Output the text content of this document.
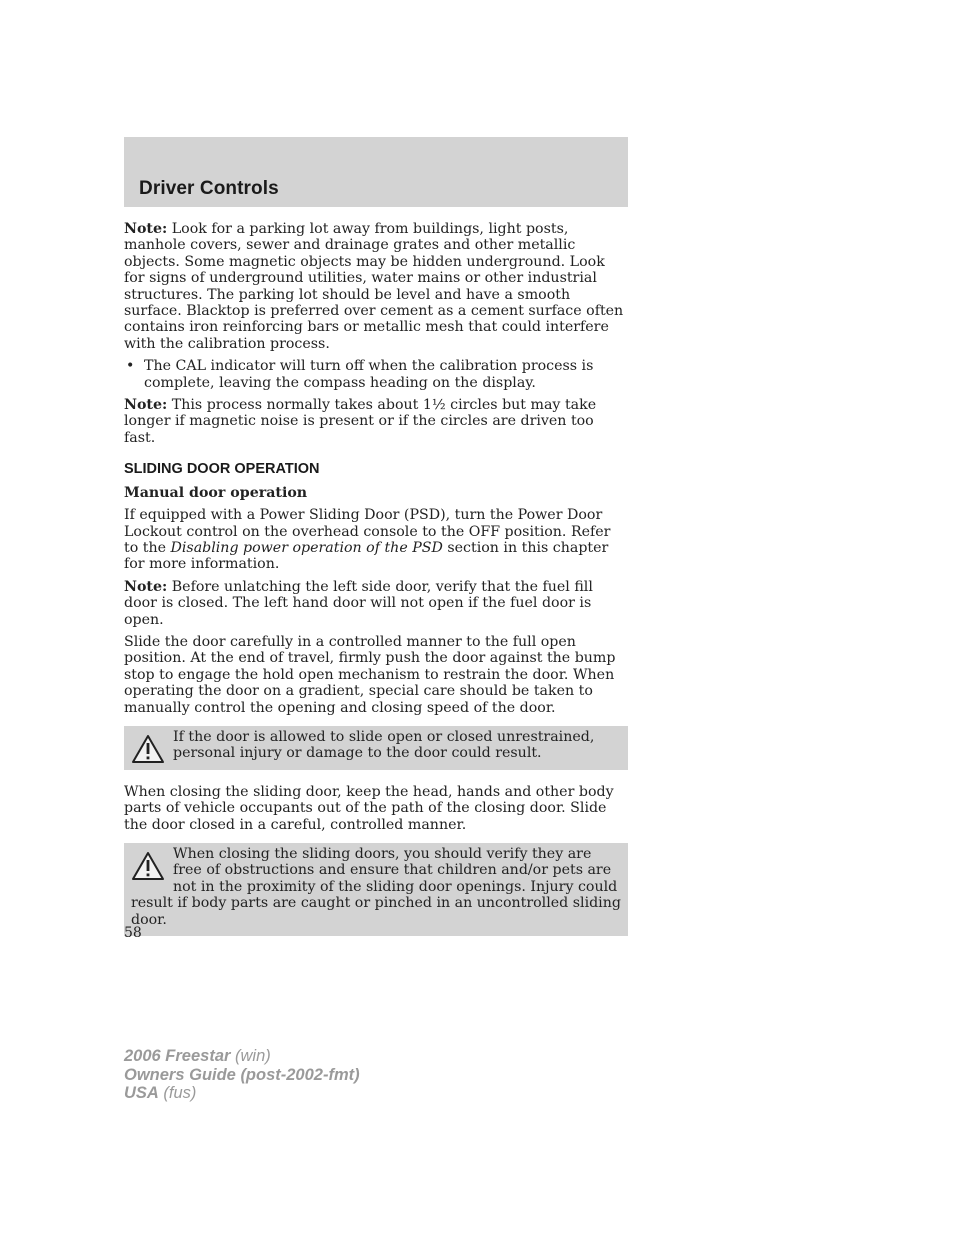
Driver Controls

Note: Look for a parking lot away from buildings, light posts, manhole covers, sewer and drainage grates and other metallic objects. Some magnetic objects may be hidden underground. Look for signs of underground utilities, water mains or other industrial structures. The parking lot should be level and have a smooth surface. Blacktop is preferred over cement as a cement surface often contains iron reinforcing bars or metallic mesh that could interfere with the calibration process.

• The CAL indicator will turn off when the calibration process is complete, leaving the compass heading on the display.

Note: This process normally takes about 1½ circles but may take longer if magnetic noise is present or if the circles are driven too fast.

SLIDING DOOR OPERATION
Manual door operation

If equipped with a Power Sliding Door (PSD), turn the Power Door Lockout control on the overhead console to the OFF position. Refer to the Disabling power operation of the PSD section in this chapter for more information.

Note: Before unlatching the left side door, verify that the fuel fill door is closed. The left hand door will not open if the fuel door is open.

Slide the door carefully in a controlled manner to the full open position. At the end of travel, firmly push the door against the bump stop to engage the hold open mechanism to restrain the door. When operating the door on a gradient, special care should be taken to manually control the opening and closing speed of the door.

If the door is allowed to slide open or closed unrestrained, personal injury or damage to the door could result.

When closing the sliding door, keep the head, hands and other body parts of vehicle occupants out of the path of the closing door. Slide the door closed in a careful, controlled manner.

When closing the sliding doors, you should verify they are free of obstructions and ensure that children and/or pets are not in the proximity of the sliding door openings. Injury could result if body parts are caught or pinched in an uncontrolled sliding door.
58
2006 Freestar (win)
Owners Guide (post-2002-fmt)
USA (fus)
